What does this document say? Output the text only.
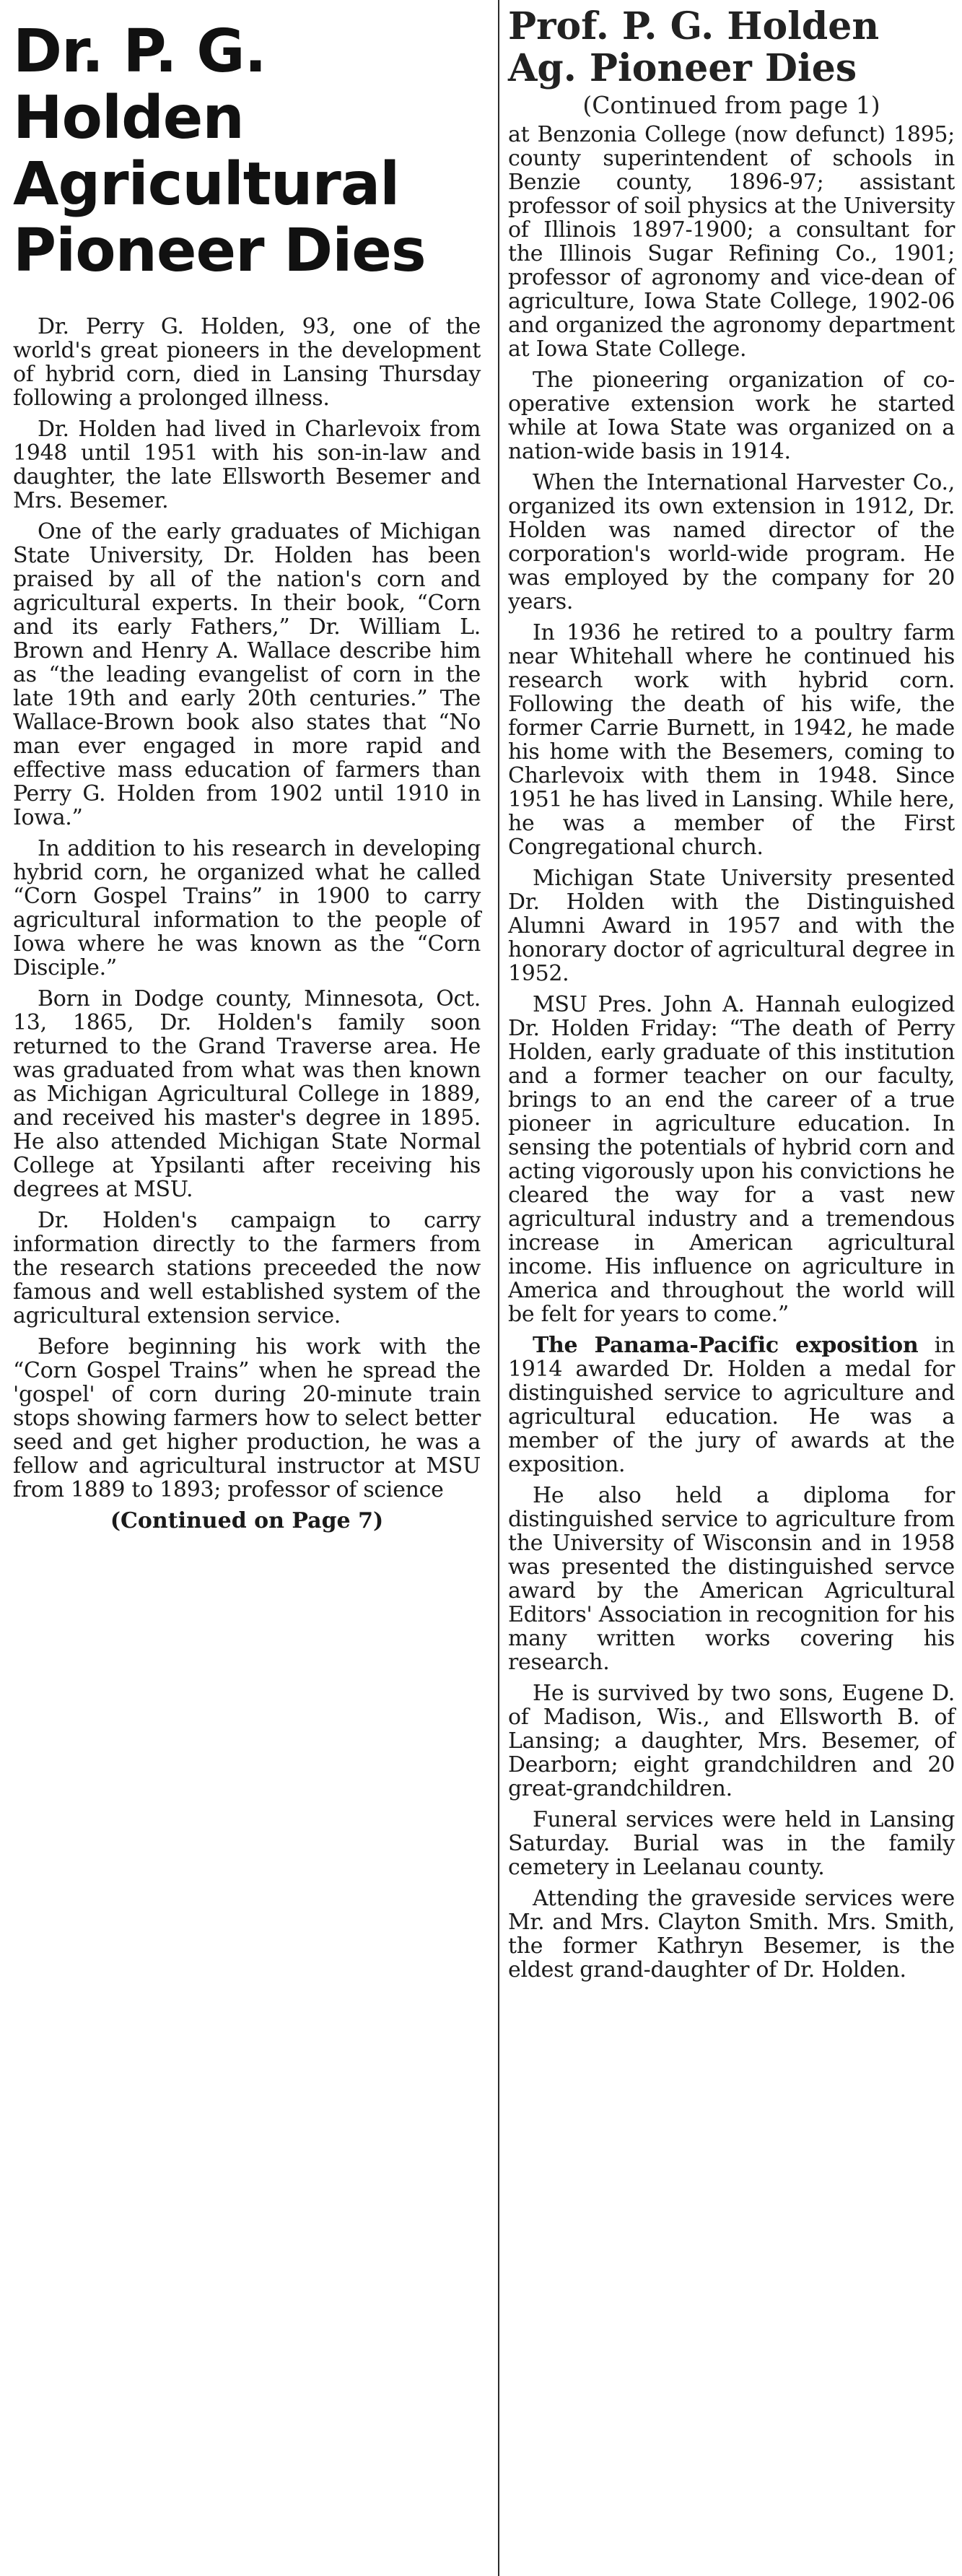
Dr. P. G. Holden Agricultural Pioneer Dies

Dr. Perry G. Holden, 93, one of the world's great pioneers in the development of hybrid corn, died in Lansing Thursday following a prolonged illness.

Dr. Holden had lived in Charlevoix from 1948 until 1951 with his son-in-law and daughter, the late Ellsworth Besemer and Mrs. Besemer.

One of the early graduates of Michigan State University, Dr. Holden has been praised by all of the nation's corn and agricultural experts. In their book, “Corn and its early Fathers,” Dr. William L. Brown and Henry A. Wallace describe him as “the leading evangelist of corn in the late 19th and early 20th centuries.” The Wallace-Brown book also states that “No man ever engaged in more rapid and effective mass education of farmers than Perry G. Holden from 1902 until 1910 in Iowa.”

In addition to his research in developing hybrid corn, he organized what he called “Corn Gospel Trains” in 1900 to carry agricultural information to the people of Iowa where he was known as the “Corn Disciple.”

Born in Dodge county, Minnesota, Oct. 13, 1865, Dr. Holden's family soon returned to the Grand Traverse area. He was graduated from what was then known as Michigan Agricultural College in 1889, and received his master's degree in 1895. He also attended Michigan State Normal College at Ypsilanti after receiving his degrees at MSU.

Dr. Holden's campaign to carry information directly to the farmers from the research stations preceeded the now famous and well established system of the agricultural extension service.

Before beginning his work with the “Corn Gospel Trains” when he spread the 'gospel' of corn during 20-minute train stops showing farmers how to select better seed and get higher production, he was a fellow and agricultural instructor at MSU from 1889 to 1893; professor of science

(Continued on Page 7)
Prof. P. G. Holden Ag. Pioneer Dies
(Continued from page 1)

at Benzonia College (now defunct) 1895; county superintendent of schools in Benzie county, 1896-97; assistant professor of soil physics at the University of Illinois 1897-1900; a consultant for the Illinois Sugar Refining Co., 1901; professor of agronomy and vice-dean of agriculture, Iowa State College, 1902-06 and organized the agronomy department at Iowa State College.

The pioneering organization of co-operative extension work he started while at Iowa State was organized on a nation-wide basis in 1914.

When the International Harvester Co., organized its own extension in 1912, Dr. Holden was named director of the corporation's world-wide program. He was employed by the company for 20 years.

In 1936 he retired to a poultry farm near Whitehall where he continued his research work with hybrid corn. Following the death of his wife, the former Carrie Burnett, in 1942, he made his home with the Besemers, coming to Charlevoix with them in 1948. Since 1951 he has lived in Lansing. While here, he was a member of the First Congregational church.

Michigan State University presented Dr. Holden with the Distinguished Alumni Award in 1957 and with the honorary doctor of agricultural degree in 1952.

MSU Pres. John A. Hannah eulogized Dr. Holden Friday: “The death of Perry Holden, early graduate of this institution and a former teacher on our faculty, brings to an end the career of a true pioneer in agriculture education. In sensing the potentials of hybrid corn and acting vigorously upon his convictions he cleared the way for a vast new agricultural industry and a tremendous increase in American agricultural income. His influence on agriculture in America and throughout the world will be felt for years to come.”

The Panama-Pacific exposition in 1914 awarded Dr. Holden a medal for distinguished service to agriculture and agricultural education. He was a member of the jury of awards at the exposition.

He also held a diploma for distinguished service to agriculture from the University of Wisconsin and in 1958 was presented the distinguished servce award by the American Agricultural Editors' Association in recognition for his many written works covering his research.

He is survived by two sons, Eugene D. of Madison, Wis., and Ellsworth B. of Lansing; a daughter, Mrs. Besemer, of Dearborn; eight grandchildren and 20 great-grandchildren.

Funeral services were held in Lansing Saturday. Burial was in the family cemetery in Leelanau county.

Attending the graveside services were Mr. and Mrs. Clayton Smith. Mrs. Smith, the former Kathryn Besemer, is the eldest grand-daughter of Dr. Holden.
